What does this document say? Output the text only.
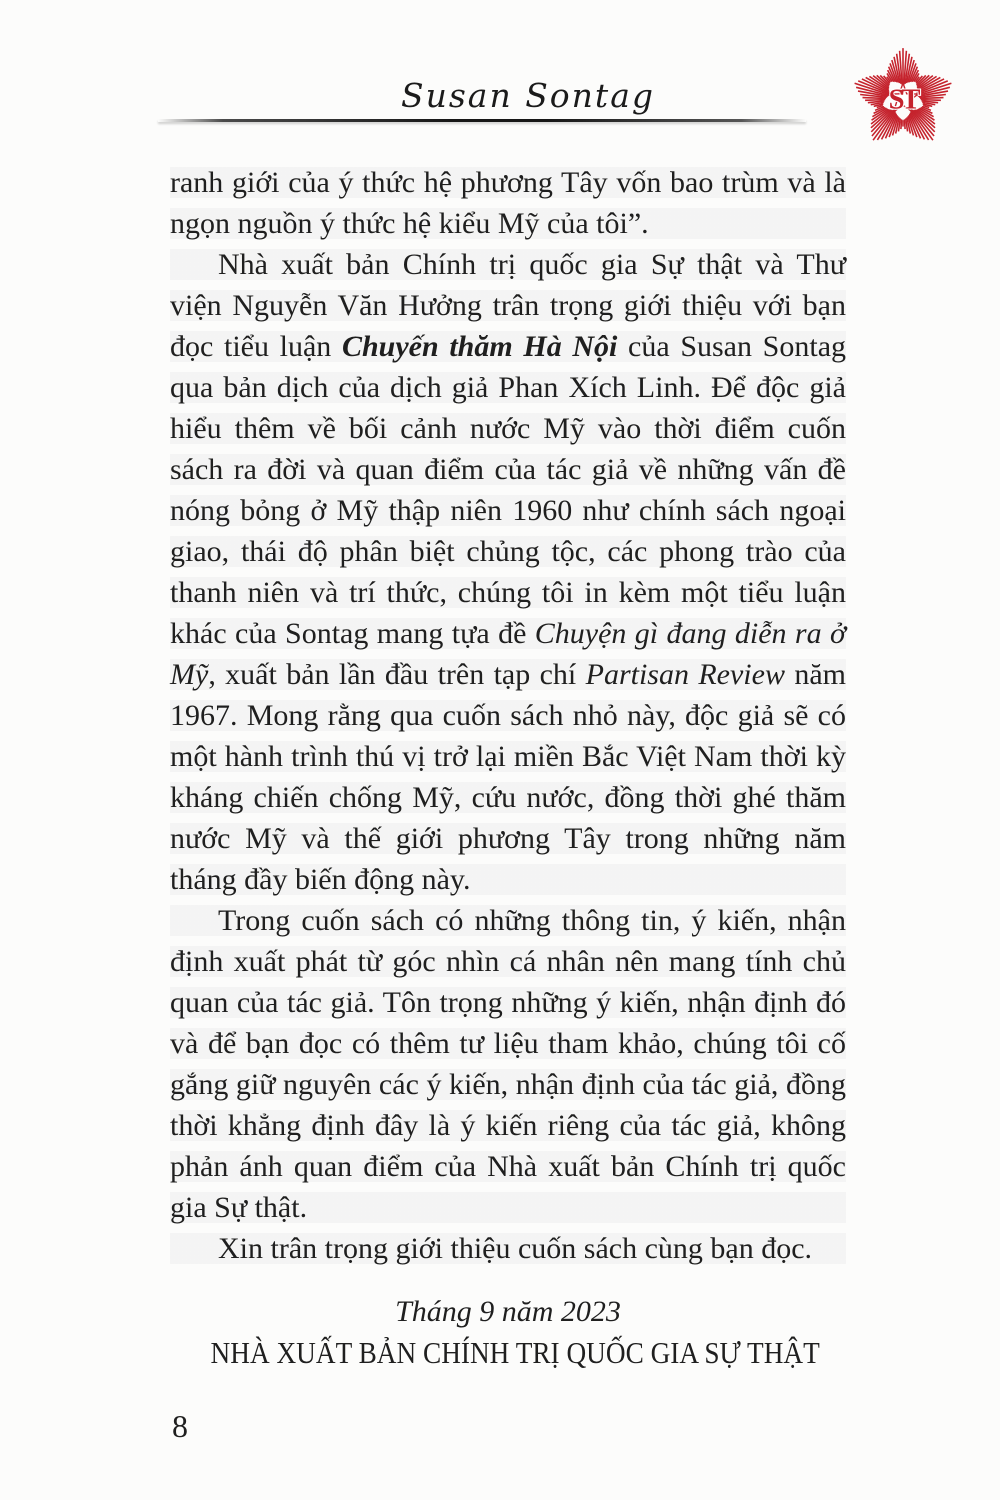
Susan Sontag	ST

ranh giới của ý thức hệ phương Tây vốn bao trùm và là ngọn nguồn ý thức hệ kiểu Mỹ của tôi”.

Nhà xuất bản Chính trị quốc gia Sự thật và Thư viện Nguyễn Văn Hưởng trân trọng giới thiệu với bạn đọc tiểu luận Chuyến thăm Hà Nội của Susan Sontag qua bản dịch của dịch giả Phan Xích Linh. Để độc giả hiểu thêm về bối cảnh nước Mỹ vào thời điểm cuốn sách ra đời và quan điểm của tác giả về những vấn đề nóng bỏng ở Mỹ thập niên 1960 như chính sách ngoại giao, thái độ phân biệt chủng tộc, các phong trào của thanh niên và trí thức, chúng tôi in kèm một tiểu luận khác của Sontag mang tựa đề Chuyện gì đang diễn ra ở Mỹ, xuất bản lần đầu trên tạp chí Partisan Review năm 1967. Mong rằng qua cuốn sách nhỏ này, độc giả sẽ có một hành trình thú vị trở lại miền Bắc Việt Nam thời kỳ kháng chiến chống Mỹ, cứu nước, đồng thời ghé thăm nước Mỹ và thế giới phương Tây trong những năm tháng đầy biến động này.

Trong cuốn sách có những thông tin, ý kiến, nhận định xuất phát từ góc nhìn cá nhân nên mang tính chủ quan của tác giả. Tôn trọng những ý kiến, nhận định đó và để bạn đọc có thêm tư liệu tham khảo, chúng tôi cố gắng giữ nguyên các ý kiến, nhận định của tác giả, đồng thời khẳng định đây là ý kiến riêng của tác giả, không phản ánh quan điểm của Nhà xuất bản Chính trị quốc gia Sự thật.

Xin trân trọng giới thiệu cuốn sách cùng bạn đọc.

Tháng 9 năm 2023
NHÀ XUẤT BẢN CHÍNH TRỊ QUỐC GIA SỰ THẬT
8
